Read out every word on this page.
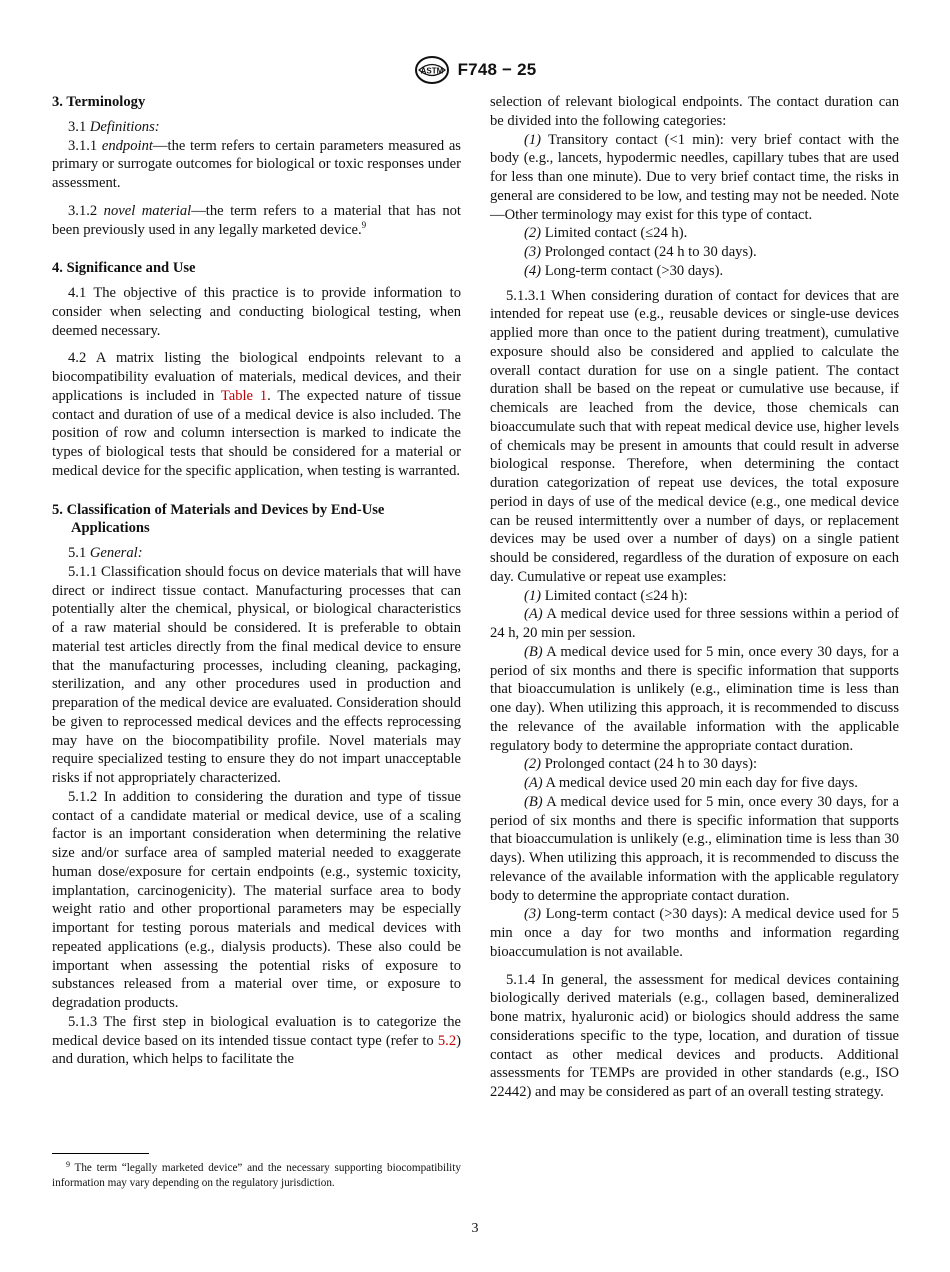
ASTM F748 − 25
3. Terminology

3.1 Definitions:

3.1.1 endpoint—the term refers to certain parameters measured as primary or surrogate outcomes for biological or toxic responses under assessment.

3.1.2 novel material—the term refers to a material that has not been previously used in any legally marketed device.$^9$

4. Significance and Use

4.1 The objective of this practice is to provide information to consider when selecting and conducting biological testing, when deemed necessary.

4.2 A matrix listing the biological endpoints relevant to a biocompatibility evaluation of materials, medical devices, and their applications is included in Table 1. The expected nature of tissue contact and duration of use of a medical device is also included. The position of row and column intersection is marked to indicate the types of biological tests that should be considered for a material or medical device for the specific application, when testing is warranted.

5. Classification of Materials and Devices by End-Use Applications

5.1 General:

5.1.1 Classification should focus on device materials that will have direct or indirect tissue contact. Manufacturing processes that can potentially alter the chemical, physical, or biological characteristics of a raw material should be considered. It is preferable to obtain material test articles directly from the final medical device to ensure that the manufacturing processes, including cleaning, packaging, sterilization, and any other procedures used in production and preparation of the medical device are evaluated. Consideration should be given to reprocessed medical devices and the effects reprocessing may have on the biocompatibility profile. Novel materials may require specialized testing to ensure they do not impart unacceptable risks if not appropriately characterized.

5.1.2 In addition to considering the duration and type of tissue contact of a candidate material or medical device, use of a scaling factor is an important consideration when determining the relative size and/or surface area of sampled material needed to exaggerate human dose/exposure for certain endpoints (e.g., systemic toxicity, implantation, carcinogenicity). The material surface area to body weight ratio and other proportional parameters may be especially important for testing porous materials and medical devices with repeated applications (e.g., dialysis products). These also could be important when assessing the potential risks of exposure to substances released from a material over time, or exposure to degradation products.

5.1.3 The first step in biological evaluation is to categorize the medical device based on its intended tissue contact type (refer to 5.2) and duration, which helps to facilitate the

selection of relevant biological endpoints. The contact duration can be divided into the following categories:

(1) Transitory contact (<1 min): very brief contact with the body (e.g., lancets, hypodermic needles, capillary tubes that are used for less than one minute). Due to very brief contact time, the risks in general are considered to be low, and testing may not be needed. Note—Other terminology may exist for this type of contact.

(2) Limited contact (≤24 h).

(3) Prolonged contact (24 h to 30 days).

(4) Long-term contact (>30 days).

5.1.3.1 When considering duration of contact for devices that are intended for repeat use (e.g., reusable devices or single-use devices applied more than once to the patient during treatment), cumulative exposure should also be considered and applied to calculate the overall contact duration for use on a single patient. The contact duration shall be based on the repeat or cumulative use because, if chemicals are leached from the device, those chemicals can bioaccumulate such that with repeat medical device use, higher levels of chemicals may be present in amounts that could result in adverse biological response. Therefore, when determining the contact duration categorization of repeat use devices, the total exposure period in days of use of the medical device (e.g., one medical device can be reused intermittently over a number of days, or replacement devices may be used over a number of days) on a single patient should be considered, regardless of the duration of exposure on each day. Cumulative or repeat use examples:

(1) Limited contact (≤24 h):

(A) A medical device used for three sessions within a period of 24 h, 20 min per session.

(B) A medical device used for 5 min, once every 30 days, for a period of six months and there is specific information that supports that bioaccumulation is unlikely (e.g., elimination time is less than one day). When utilizing this approach, it is recommended to discuss the relevance of the available information with the applicable regulatory body to determine the appropriate contact duration.

(2) Prolonged contact (24 h to 30 days):

(A) A medical device used 20 min each day for five days.

(B) A medical device used for 5 min, once every 30 days, for a period of six months and there is specific information that supports that bioaccumulation is unlikely (e.g., elimination time is less than 30 days). When utilizing this approach, it is recommended to discuss the relevance of the available information with the applicable regulatory body to determine the appropriate contact duration.

(3) Long-term contact (>30 days): A medical device used for 5 min once a day for two months and information regarding bioaccumulation is not available.

5.1.4 In general, the assessment for medical devices containing biologically derived materials (e.g., collagen based, demineralized bone matrix, hyaluronic acid) or biologics should address the same considerations specific to the type, location, and duration of tissue contact as other medical devices and products. Additional assessments for TEMPs are provided in other standards (e.g., ISO 22442) and may be considered as part of an overall testing strategy.

$^9$ The term “legally marketed device” and the necessary supporting biocompatibility information may vary depending on the regulatory jurisdiction.
3
